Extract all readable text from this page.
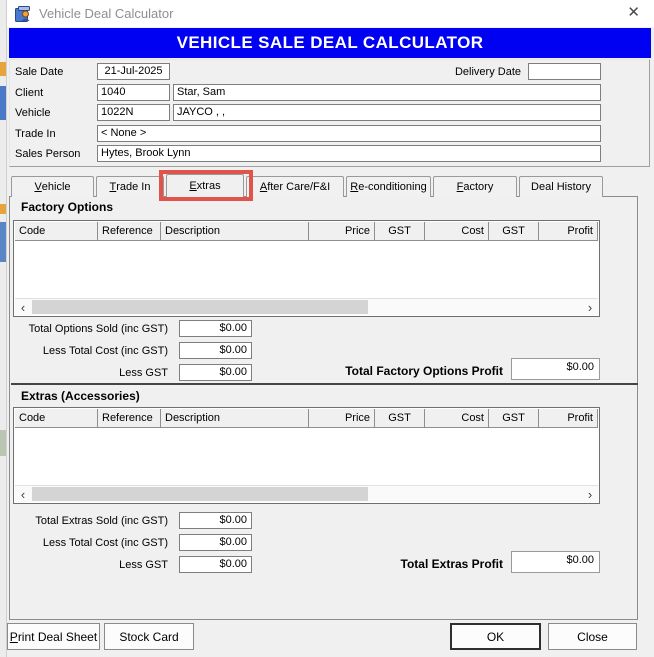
Vehicle Deal Calculator	✕
VEHICLE SALE DEAL CALCULATOR
Sale Date	21-Jul-2025	Delivery Date
Client	1040	Star, Sam
Vehicle	1022N	JAYCO , ,
Trade In	< None >
Sales Person	Hytes, Brook Lynn
V ehicle	T rade In	E xtras	A fter Care/F&I	R e-conditioning	F actory	Deal History
Factory Options
Code	Reference	Description	Price	GST	Cost	GST	Profit
‹	›
Total Options Sold (inc GST)	$0.00
Less Total Cost (inc GST)	$0.00
Less GST	$0.00	Total Factory Options Profit	$0.00
Extras (Accessories)
Code	Reference	Description	Price	GST	Cost	GST	Profit
‹	›
Total Extras Sold (inc GST)	$0.00
Less Total Cost (inc GST)	$0.00
Less GST	$0.00	Total Extras Profit	$0.00
P rint Deal Sheet	Stock Card	OK	Close
